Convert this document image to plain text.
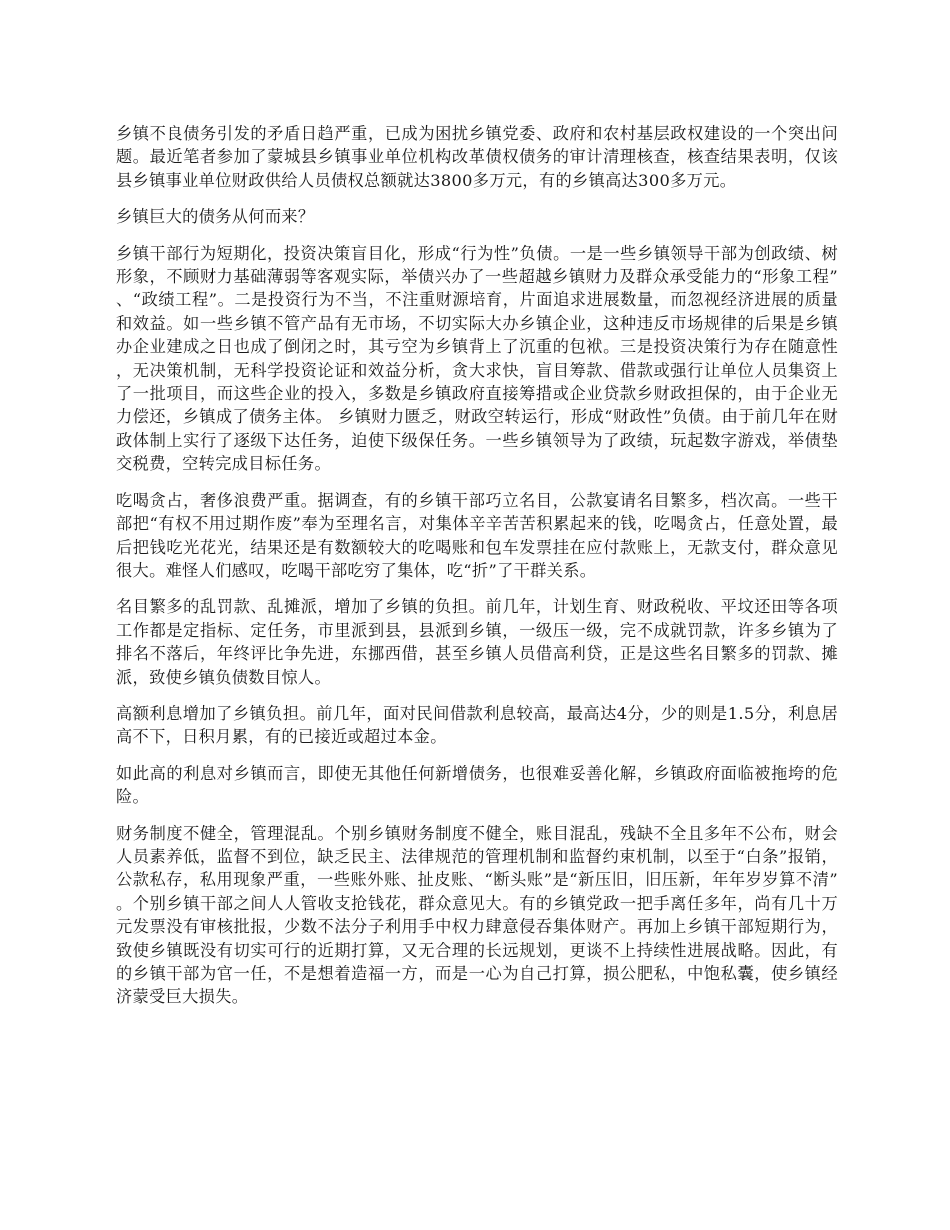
乡镇不良债务引发的矛盾日趋严重，已成为困扰乡镇党委、政府和农村基层政权建设的一个突出问题。最近笔者参加了蒙城县乡镇事业单位机构改革债权债务的审计清理核查，核查结果表明，仅该县乡镇事业单位财政供给人员债权总额就达3800多万元，有的乡镇高达300多万元。

乡镇巨大的债务从何而来？

乡镇干部行为短期化，投资决策盲目化，形成“行为性”负债。一是一些乡镇领导干部为创政绩、树形象，不顾财力基础薄弱等客观实际，举债兴办了一些超越乡镇财力及群众承受能力的“形象工程”、“政绩工程”。二是投资行为不当，不注重财源培育，片面追求进展数量，而忽视经济进展的质量和效益。如一些乡镇不管产品有无市场，不切实际大办乡镇企业，这种违反市场规律的后果是乡镇办企业建成之日也成了倒闭之时，其亏空为乡镇背上了沉重的包袱。三是投资决策行为存在随意性，无决策机制，无科学投资论证和效益分析，贪大求快，盲目筹款、借款或强行让单位人员集资上了一批项目，而这些企业的投入，多数是乡镇政府直接筹措或企业贷款乡财政担保的，由于企业无力偿还，乡镇成了债务主体。 乡镇财力匮乏，财政空转运行，形成“财政性”负债。由于前几年在财政体制上实行了逐级下达任务，迫使下级保任务。一些乡镇领导为了政绩，玩起数字游戏，举债垫交税费，空转完成目标任务。

吃喝贪占，奢侈浪费严重。据调查，有的乡镇干部巧立名目，公款宴请名目繁多，档次高。一些干部把“有权不用过期作废”奉为至理名言，对集体辛辛苦苦积累起来的钱，吃喝贪占，任意处置，最后把钱吃光花光，结果还是有数额较大的吃喝账和包车发票挂在应付款账上，无款支付，群众意见很大。难怪人们感叹，吃喝干部吃穷了集体，吃“折”了干群关系。

名目繁多的乱罚款、乱摊派，增加了乡镇的负担。前几年，计划生育、财政税收、平坟还田等各项工作都是定指标、定任务，市里派到县，县派到乡镇，一级压一级，完不成就罚款，许多乡镇为了排名不落后，年终评比争先进，东挪西借，甚至乡镇人员借高利贷，正是这些名目繁多的罚款、摊派，致使乡镇负债数目惊人。

高额利息增加了乡镇负担。前几年，面对民间借款利息较高，最高达4分，少的则是1.5分，利息居高不下，日积月累，有的已接近或超过本金。

如此高的利息对乡镇而言，即使无其他任何新增债务，也很难妥善化解，乡镇政府面临被拖垮的危险。

财务制度不健全，管理混乱。个别乡镇财务制度不健全，账目混乱，残缺不全且多年不公布，财会人员素养低，监督不到位，缺乏民主、法律规范的管理机制和监督约束机制，以至于“白条”报销，公款私存，私用现象严重，一些账外账、扯皮账、“断头账”是“新压旧，旧压新，年年岁岁算不清”。个别乡镇干部之间人人管收支抢钱花，群众意见大。有的乡镇党政一把手离任多年，尚有几十万元发票没有审核批报，少数不法分子利用手中权力肆意侵吞集体财产。再加上乡镇干部短期行为，致使乡镇既没有切实可行的近期打算，又无合理的长远规划，更谈不上持续性进展战略。因此，有的乡镇干部为官一任，不是想着造福一方，而是一心为自己打算，损公肥私，中饱私囊，使乡镇经济蒙受巨大损失。
